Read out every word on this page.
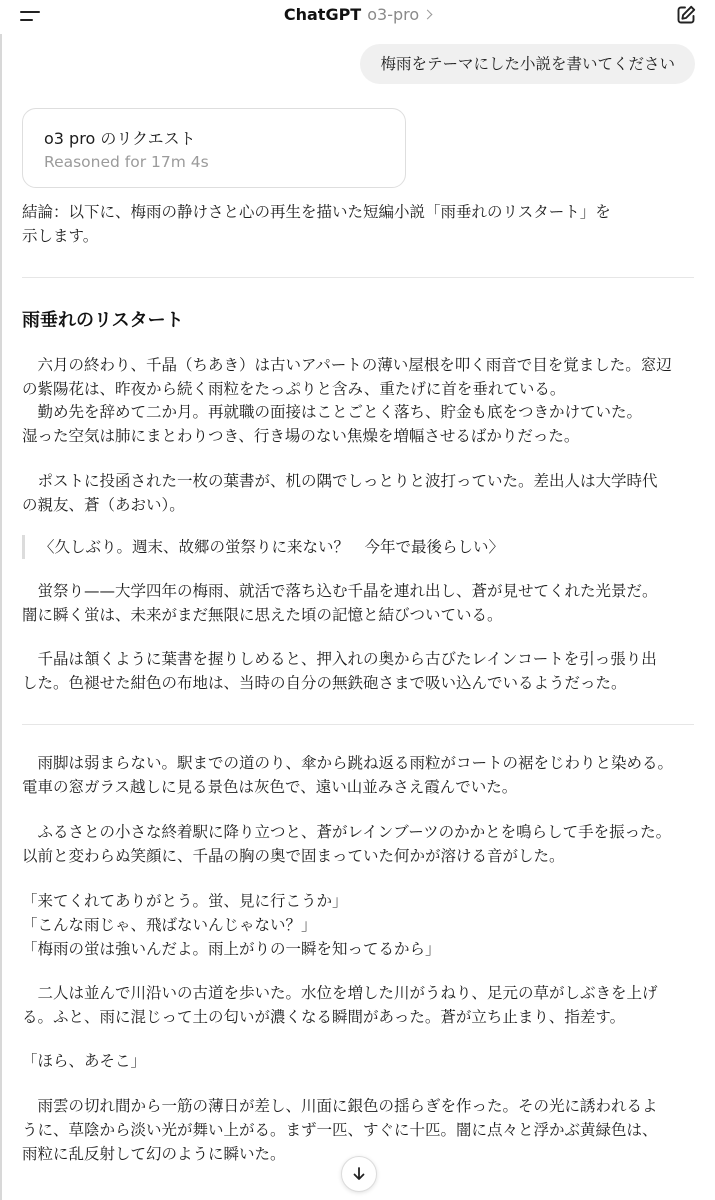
ChatGPT o3-pro
梅雨をテーマにした小説を書いてください
o3 pro のリクエスト
Reasoned for 17m 4s

結論：以下に、梅雨の静けさと心の再生を描いた短編小説「雨垂れのリスタート」を
示します。

雨垂れのリスタート

　六月の終わり、千晶（ちあき）は古いアパートの薄い屋根を叩く雨音で目を覚ました。窓辺
の紫陽花は、昨夜から続く雨粒をたっぷりと含み、重たげに首を垂れている。
　勤め先を辞めて二か月。再就職の面接はことごとく落ち、貯金も底をつきかけていた。
湿った空気は肺にまとわりつき、行き場のない焦燥を増幅させるばかりだった。

　ポストに投函された一枚の葉書が、机の隅でしっとりと波打っていた。差出人は大学時代
の親友、蒼（あおい）。

〈久しぶり。週末、故郷の蛍祭りに来ない？　今年で最後らしい〉

　蛍祭り——大学四年の梅雨、就活で落ち込む千晶を連れ出し、蒼が見せてくれた光景だ。
闇に瞬く蛍は、未来がまだ無限に思えた頃の記憶と結びついている。

　千晶は頷くように葉書を握りしめると、押入れの奥から古びたレインコートを引っ張り出
した。色褪せた紺色の布地は、当時の自分の無鉄砲さまで吸い込んでいるようだった。

　雨脚は弱まらない。駅までの道のり、傘から跳ね返る雨粒がコートの裾をじわりと染める。
電車の窓ガラス越しに見る景色は灰色で、遠い山並みさえ霞んでいた。

　ふるさとの小さな終着駅に降り立つと、蒼がレインブーツのかかとを鳴らして手を振った。
以前と変わらぬ笑顔に、千晶の胸の奥で固まっていた何かが溶ける音がした。

「来てくれてありがとう。蛍、見に行こうか」
「こんな雨じゃ、飛ばないんじゃない？」
「梅雨の蛍は強いんだよ。雨上がりの一瞬を知ってるから」

　二人は並んで川沿いの古道を歩いた。水位を増した川がうねり、足元の草がしぶきを上げ
る。ふと、雨に混じって土の匂いが濃くなる瞬間があった。蒼が立ち止まり、指差す。

「ほら、あそこ」

　雨雲の切れ間から一筋の薄日が差し、川面に銀色の揺らぎを作った。その光に誘われるよ
うに、草陰から淡い光が舞い上がる。まず一匹、すぐに十匹。闇に点々と浮かぶ黄緑色は、
雨粒に乱反射して幻のように瞬いた。
